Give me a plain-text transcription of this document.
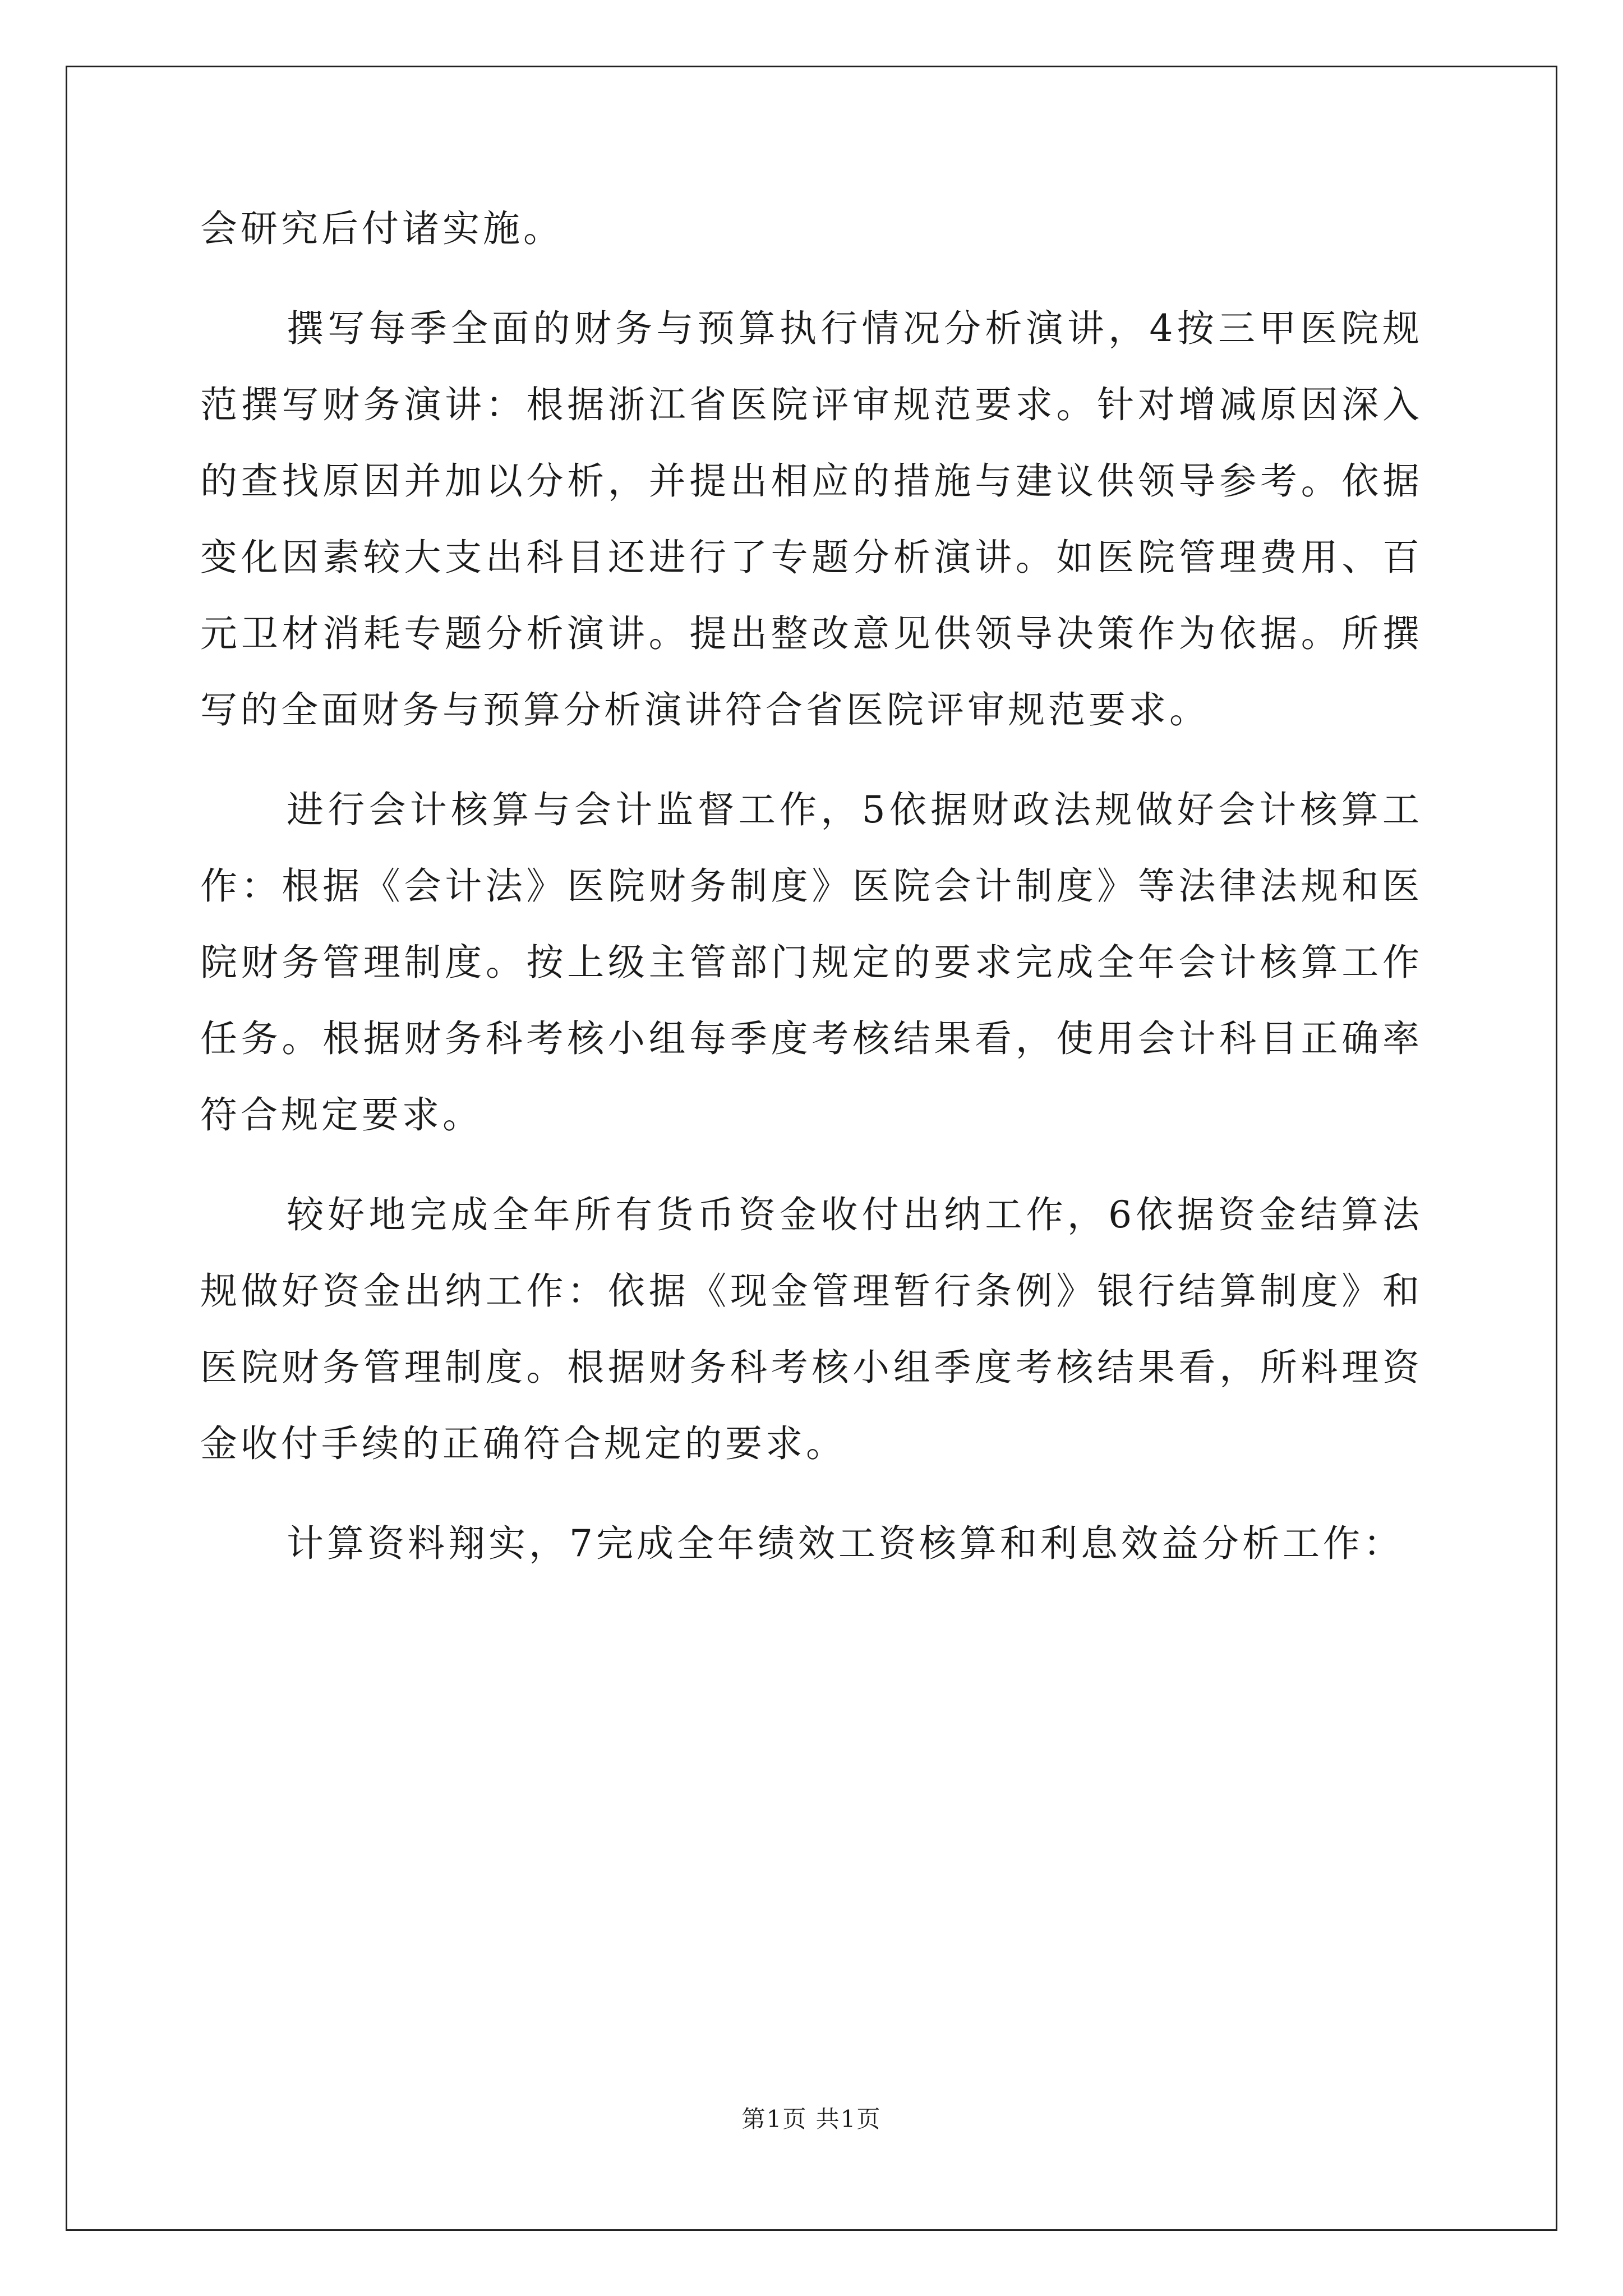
会研究后付诸实施。

撰写每季全面的财务与预算执行情况分析演讲，4按三甲医院规范撰写财务演讲：根据浙江省医院评审规范要求。针对增减原因深入的查找原因并加以分析，并提出相应的措施与建议供领导参考。依据变化因素较大支出科目还进行了专题分析演讲。如医院管理费用、百元卫材消耗专题分析演讲。提出整改意见供领导决策作为依据。所撰写的全面财务与预算分析演讲符合省医院评审规范要求。

进行会计核算与会计监督工作，5依据财政法规做好会计核算工作：根据《会计法》医院财务制度》医院会计制度》等法律法规和医院财务管理制度。按上级主管部门规定的要求完成全年会计核算工作任务。根据财务科考核小组每季度考核结果看，使用会计科目正确率符合规定要求。

较好地完成全年所有货币资金收付出纳工作，6依据资金结算法规做好资金出纳工作：依据《现金管理暂行条例》银行结算制度》和医院财务管理制度。根据财务科考核小组季度考核结果看，所料理资金收付手续的正确符合规定的要求。

计算资料翔实，7完成全年绩效工资核算和利息效益分析工作：

第1页 共1页
